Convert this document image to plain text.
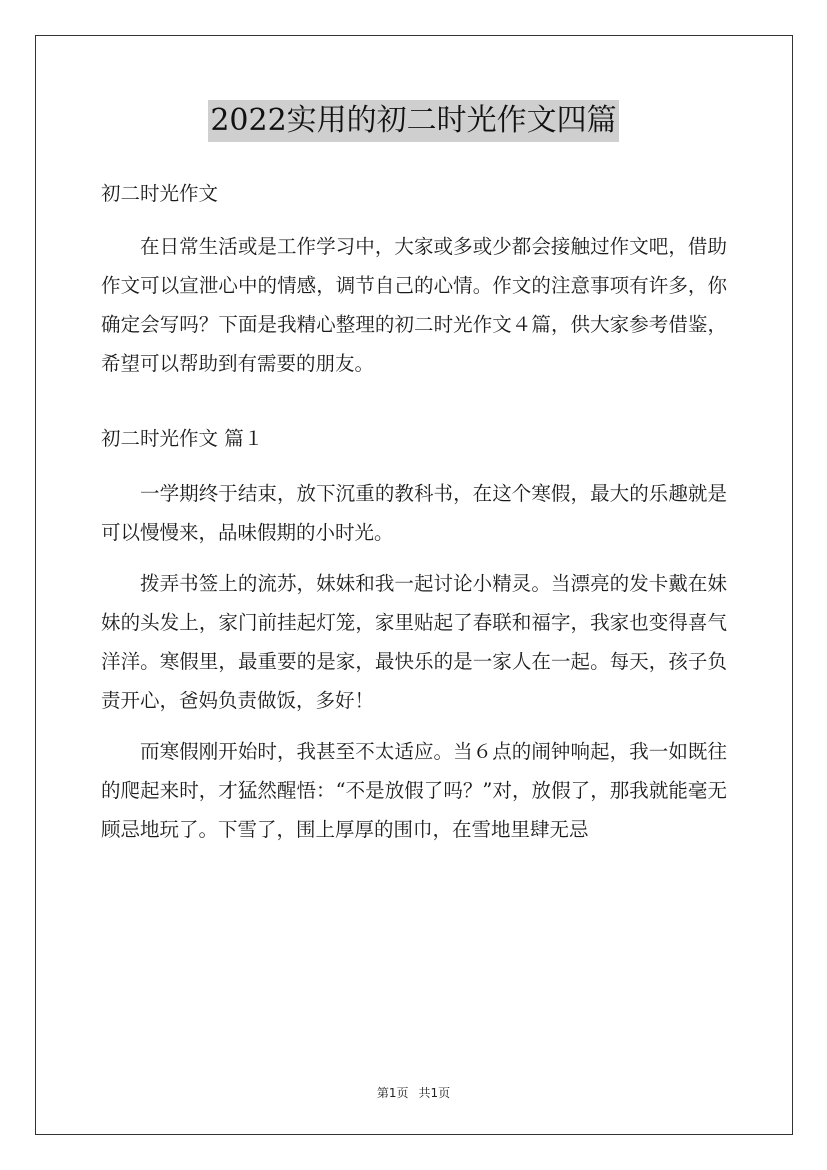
2022实用的初二时光作文四篇

初二时光作文

在日常生活或是工作学习中，大家或多或少都会接触过作文吧，借助作文可以宣泄心中的情感，调节自己的心情。作文的注意事项有许多，你确定会写吗？下面是我精心整理的初二时光作文４篇，供大家参考借鉴，希望可以帮助到有需要的朋友。

初二时光作文 篇１

一学期终于结束，放下沉重的教科书，在这个寒假，最大的乐趣就是可以慢慢来，品味假期的小时光。

拨弄书签上的流苏，妹妹和我一起讨论小精灵。当漂亮的发卡戴在妹妹的头发上，家门前挂起灯笼，家里贴起了春联和福字，我家也变得喜气洋洋。寒假里，最重要的是家，最快乐的是一家人在一起。每天，孩子负责开心，爸妈负责做饭，多好！

而寒假刚开始时，我甚至不太适应。当６点的闹钟响起，我一如既往的爬起来时，才猛然醒悟：“不是放假了吗？”对，放假了，那我就能毫无顾忌地玩了。下雪了，围上厚厚的围巾，在雪地里肆无忌

第1页 共1页
